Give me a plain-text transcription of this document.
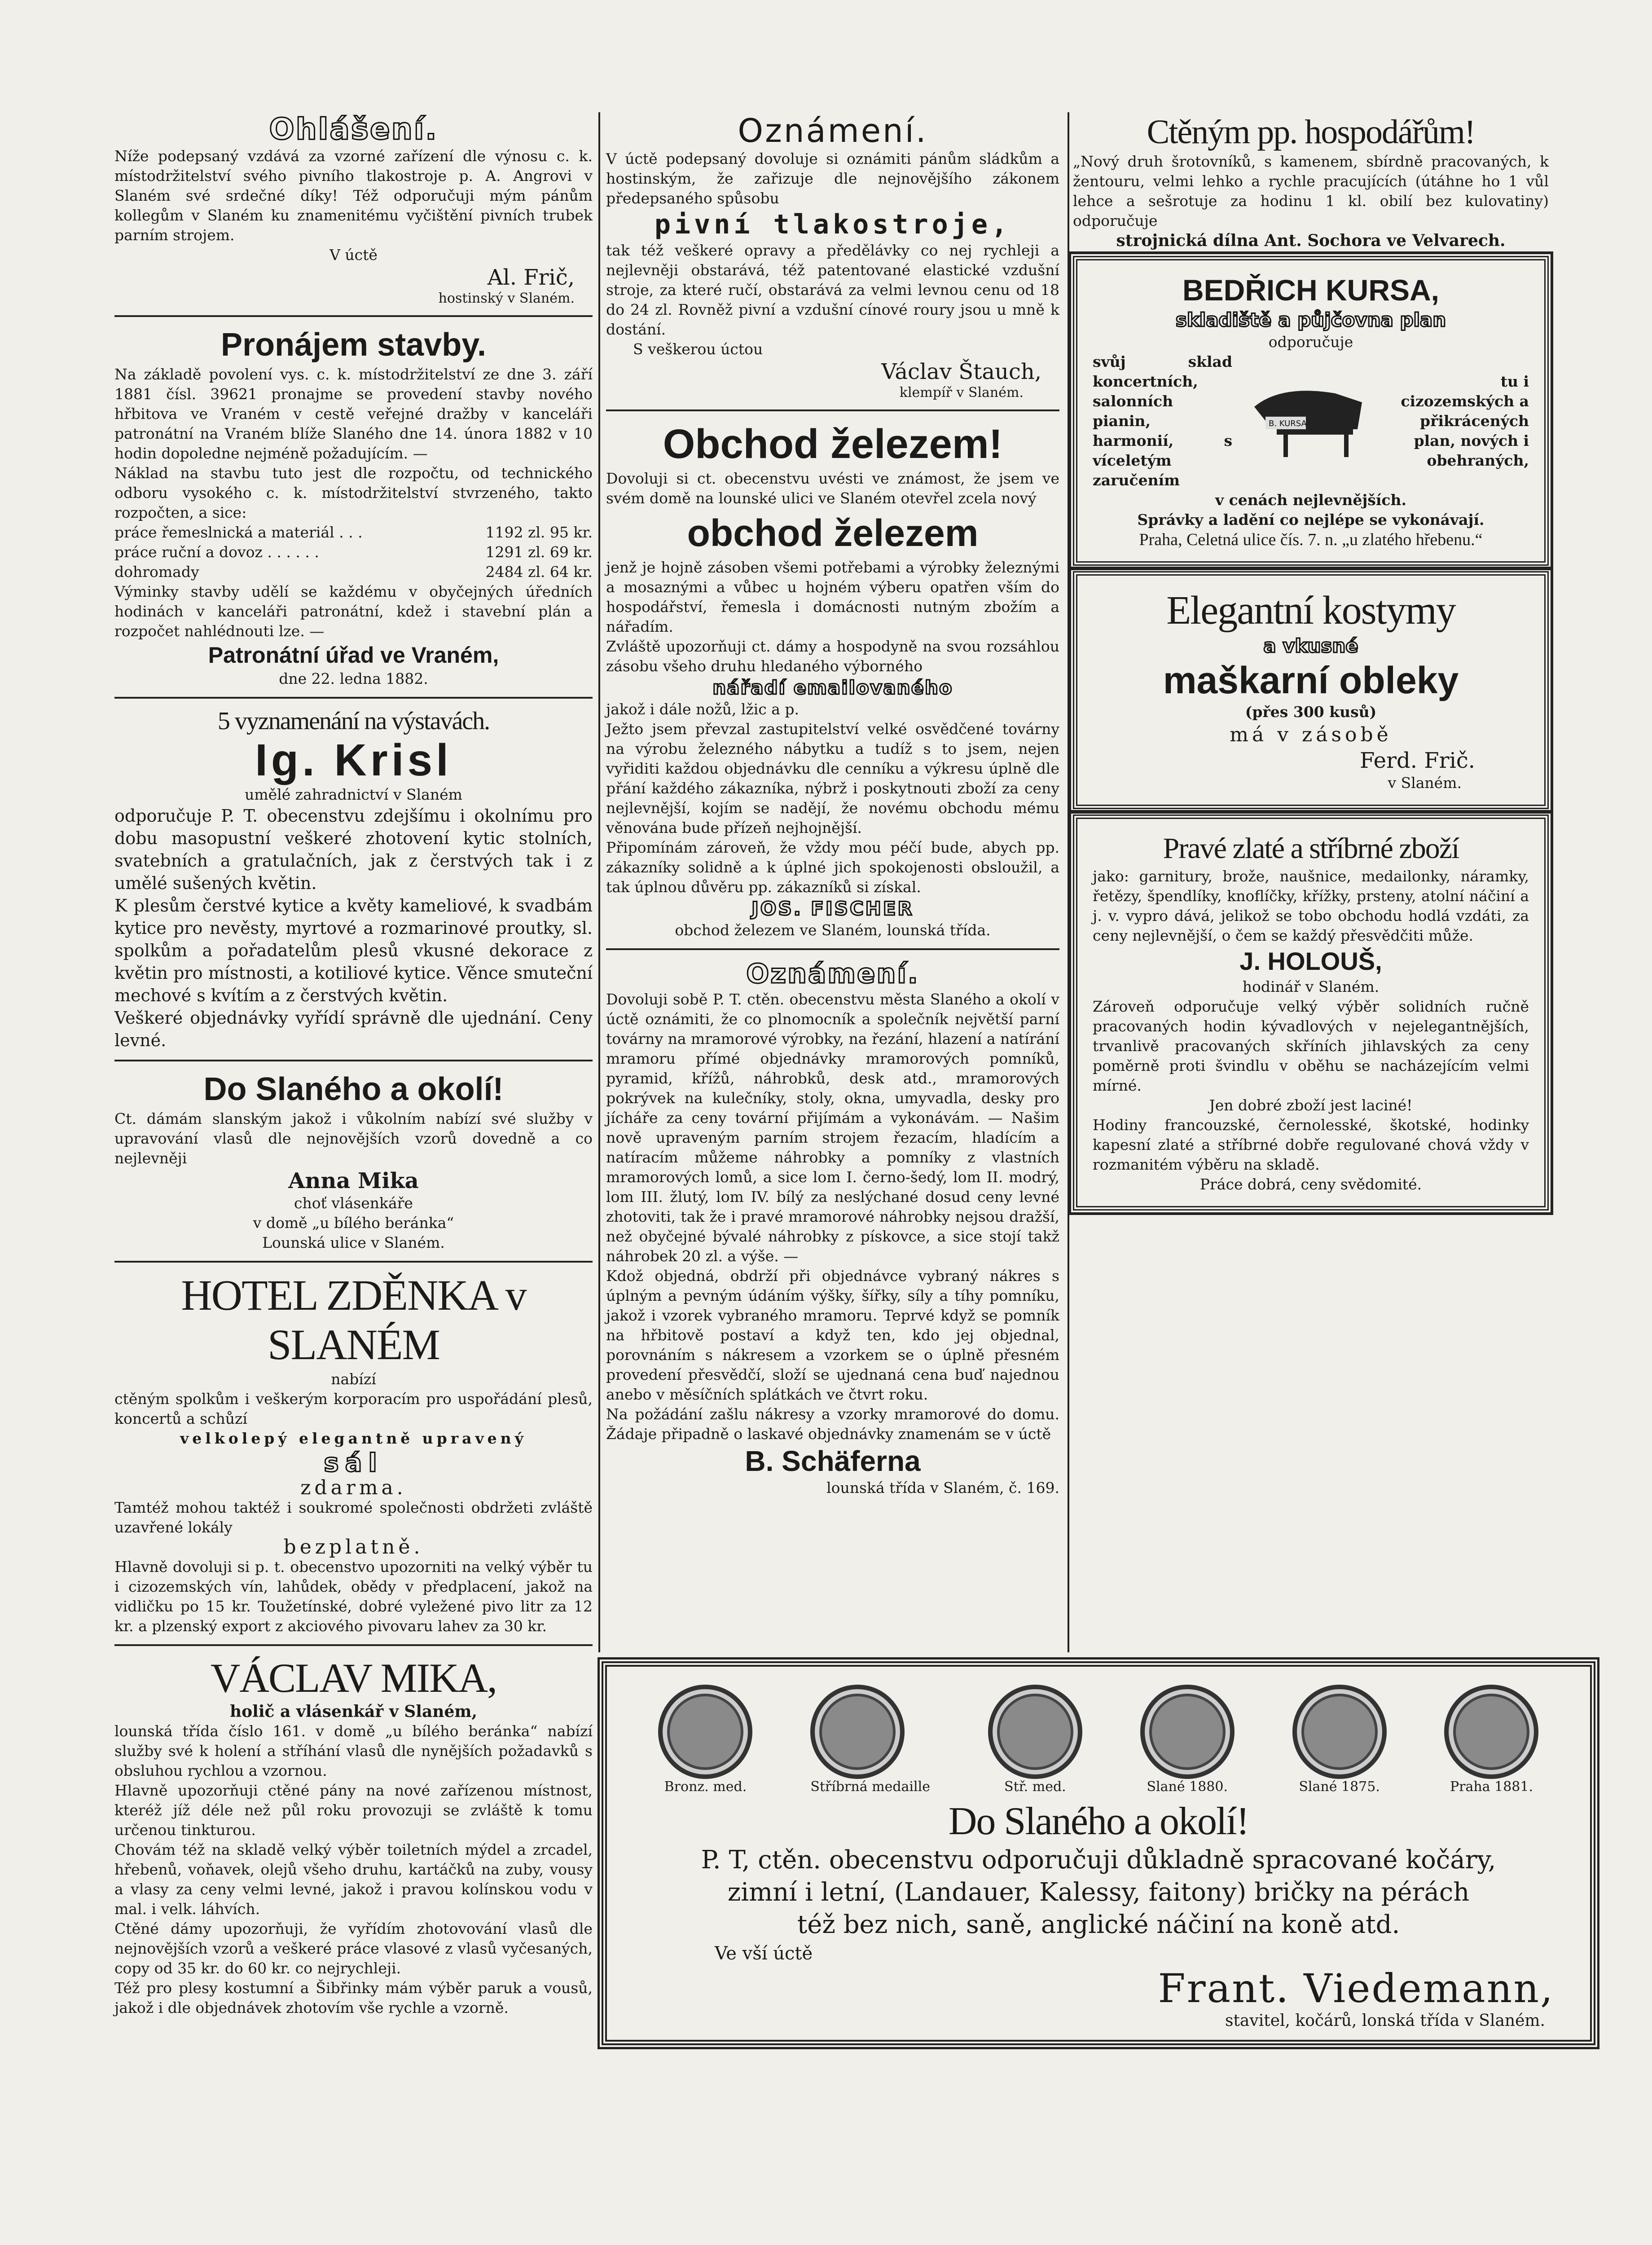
Ohlášení.

Níže podepsaný vzdává za vzorné zařízení dle výnosu c. k. místodržitelství svého pivního tlakostroje p. A. Angrovi v Slaném své srdečné díky! Též odporučuji mým pánům kollegům v Slaném ku znamenitému vyčištění pivních trubek parním strojem.

V úctě

Al. Frič,

hostinský v Slaném.

Pronájem stavby.

Na základě povolení vys. c. k. místodržitelství ze dne 3. září 1881 čísl. 39621 pronajme se provedení stavby nového hřbitova ve Vraném v cestě veřejné dražby v kanceláři patronátní na Vraném blíže Slaného dne 14. února 1882 v 10 hodin dopoledne nejméně požadujícím. —

Náklad na stavbu tuto jest dle rozpočtu, od technického odboru vysokého c. k. místodržitelství stvrzeného, takto rozpočten, a sice:

práce řemeslnická a materiál . . .	1192 zl. 95 kr.

práce ruční a dovoz . . . . . .	1291 zl. 69 kr.

dohromady	2484 zl. 64 kr.

Výminky stavby udělí se každému v obyčejných úředních hodinách v kanceláři patronátní, kdež i stavební plán a rozpočet nahlédnouti lze. —

Patronátní úřad ve Vraném,

dne 22. ledna 1882.

5 vyznamenání na výstavách.
Ig. Krisl

umělé zahradnictví v Slaném

odporučuje P. T. obecenstvu zdejšímu i okolnímu pro dobu masopustní veškeré zhotovení kytic stolních, svatebních a gratulačních, jak z čerstvých tak i z umělé sušených květin.

K plesům čerstvé kytice a květy kameliové, k svadbám kytice pro nevěsty, myrtové a rozmarinové proutky, sl. spolkům a pořadatelům plesů vkusné dekorace z květin pro místnosti, a kotiliové kytice. Věnce smuteční mechové s kvítím a z čerstvých květin.

Veškeré objednávky vyřídí správně dle ujednání. Ceny levné.

Do Slaného a okolí!

Ct. dámám slanským jakož i vůkolním nabízí své služby v upravování vlasů dle nejnovějších vzorů dovedně a co nejlevněji

Anna Mika

choť vlásenkáře

v domě „u bílého beránka“

Lounská ulice v Slaném.

HOTEL ZDĚNKA v SLANÉM

nabízí

ctěným spolkům i veškerým korporacím pro uspořádání plesů, koncertů a schůzí

velkolepý elegantně upravený

sál

zdarma.

Tamtéž mohou taktéž i soukromé společnosti obdržeti zvláště uzavřené lokály

bezplatně.

Hlavně dovoluji si p. t. obecenstvo upozorniti na velký výběr tu i cizozemských vín, lahůdek, obědy v předplacení, jakož na vidličku po 15 kr. Toužetínské, dobré vyležené pivo litr za 12 kr. a plzenský export z akciového pivovaru lahev za 30 kr.

VÁCLAV MIKA,

holič a vlásenkář v Slaném,

lounská třída číslo 161. v domě „u bílého beránka“ nabízí služby své k holení a stříhání vlasů dle nynějších požadavků s obsluhou rychlou a vzornou.

Hlavně upozorňuji ctěné pány na nové zařízenou místnost, kteréž jíž déle než půl roku provozuji se zvláště k tomu určenou tinkturou.

Chovám též na skladě velký výběr toiletních mýdel a zrcadel, hřebenů, voňavek, olejů všeho druhu, kartáčků na zuby, vousy a vlasy za ceny velmi levné, jakož i pravou kolínskou vodu v mal. i velk. láhvích.

Ctěné dámy upozorňuji, že vyřídím zhotovování vlasů dle nejnovějších vzorů a veškeré práce vlasové z vlasů vyčesaných, copy od 35 kr. do 60 kr. co nejrychleji.

Též pro plesy kostumní a Šibřinky mám výběr paruk a vousů, jakož i dle objednávek zhotovím vše rychle a vzorně.

Oznámení.

V úctě podepsaný dovoluje si oznámiti pánům sládkům a hostinským, že zařizuje dle nejnovějšího zákonem předepsaného spůsobu

pivní tlakostroje,

tak též veškeré opravy a předělávky co nej rychleji a nejlevněji obstarává, též patentované elastické vzdušní stroje, za které ručí, obstarává za velmi levnou cenu od 18 do 24 zl. Rovněž pivní a vzdušní cínové roury jsou u mně k dostání.

S veškerou úctou

Václav Štauch,

klempíř v Slaném.

Obchod železem!

Dovoluji si ct. obecenstvu uvésti ve známost, že jsem ve svém domě na lounské ulici ve Slaném otevřel zcela nový

obchod železem

jenž je hojně zásoben všemi potřebami a výrobky železnými a mosaznými a vůbec u hojném výberu opatřen vším do hospodářství, řemesla i domácnosti nutným zbožím a nářadím.

Zvláště upozorňuji ct. dámy a hospodyně na svou rozsáhlou zásobu všeho druhu hledaného výborného

nářadí emailovaného

jakož i dále nožů, lžic a p.

Ježto jsem převzal zastupitelství velké osvědčené továrny na výrobu železného nábytku a tudíž s to jsem, nejen vyřiditi každou objednávku dle cenníku a výkresu úplně dle přání každého zákazníka, nýbrž i poskytnouti zboží za ceny nejlevnější, kojím se nadějí, že novému obchodu mému věnována bude přízeň nejhojnější.

Připomínám zároveň, že vždy mou péčí bude, abych pp. zákazníky solidně a k úplné jich spokojenosti obsloužil, a tak úplnou důvěru pp. zákazníků si získal.

JOS. FISCHER

obchod železem ve Slaném, lounská třída.

Oznámení.

Dovoluji sobě P. T. ctěn. obecenstvu města Slaného a okolí v úctě oznámiti, že co plnomocník a společník největší parní továrny na mramorové výrobky, na řezání, hlazení a natírání mramoru přímé objednávky mramorových pomníků, pyramid, křížů, náhrobků, desk atd., mramorových pokrývek na kulečníky, stoly, okna, umyvadla, desky pro jícháře za ceny tovární přijímám a vykonávám. — Našim nově upraveným parním strojem řezacím, hladícím a natíracím můžeme náhrobky a pomníky z vlastních mramorových lomů, a sice lom I. černo-šedý, lom II. modrý, lom III. žlutý, lom IV. bílý za neslýchané dosud ceny levné zhotoviti, tak že i pravé mramorové náhrobky nejsou dražší, než obyčejné bývalé náhrobky z pískovce, a sice stojí takž náhrobek 20 zl. a výše. —

Kdož objedná, obdrží při objednávce vybraný nákres s úplným a pevným údáním výšky, šířky, síly a tíhy pomníku, jakož i vzorek vybraného mramoru. Teprvé když se pomník na hřbitově postaví a když ten, kdo jej objednal, porovnáním s nákresem a vzorkem se o úplně přesném provedení přesvědčí, složí se ujednaná cena buď najednou anebo v měsíčních splátkách ve čtvrt roku.

Na požádání zašlu nákresy a vzorky mramorové do domu. Žádaje připadně o laskavé objednávky znamenám se v úctě

B. Schäferna

lounská třída v Slaném, č. 169.

Ctěným pp. hospodářům!

„Nový druh šrotovníků, s kamenem, sbírdně pracovaných, k žentouru, velmi lehko a rychle pracujících (útáhne ho 1 vůl lehce a sešrotuje za hodinu 1 kl. obilí bez kulovatiny) odporučuje

strojnická dílna Ant. Sochora ve Velvarech.

BEDŘICH KURSA,

skladiště a půjčovna plan

odporučuje

svůj sklad koncertních, salonních pianin, harmonií, s víceletým zaručením

B. KURSA

tu i cizozemských a přikrácených plan, nových i obehraných,

v cenách nejlevnějších.

Správky a ladění co nejlépe se vykonávají.

Praha, Celetná ulice čís. 7. n. „u zlatého hřebenu.“

Elegantní kostymy

a vkusné

maškarní obleky

(přes 300 kusů)

má v zásobě

Ferd. Frič.

v Slaném.

Pravé zlaté a stříbrné zboží

jako: garnitury, brože, naušnice, medailonky, náramky, řetězy, špendlíky, knoflíčky, křížky, prsteny, atolní náčiní a j. v. vypro dává, jelikož se tobo obchodu hodlá vzdáti, za ceny nejlevnější, o čem se každý přesvědčiti může.

J. HOLOUŠ,

hodinář v Slaném.

Zároveň odporučuje velký výběr solidních ručně pracovaných hodin kývadlových v nejelegantnějších, trvanlivě pracovaných skříních jihlavských za ceny poměrně proti švindlu v oběhu se nacházejícím velmi mírné.

Jen dobré zboží jest laciné!

Hodiny francouzské, černolesské, škotské, hodinky kapesní zlaté a stříbrné dobře regulované chová vždy v rozmanitém výběru na skladě.

Práce dobrá, ceny svědomité.

Bronz. med.	Stříbrná medaille	Stř. med.	Slané 1880.	Slané 1875.	Praha 1881.
Do Slaného a okolí!

P. T, ctěn. obecenstvu odporučuji důkladně spracované kočáry,

zimní i letní, (Landauer, Kalessy, faitony) bričky na pérách

též bez nich, saně, anglické náčiní na koně atd.

Ve vší úctě

Frant. Viedemann,

stavitel, kočárů, lonská třída v Slaném.
